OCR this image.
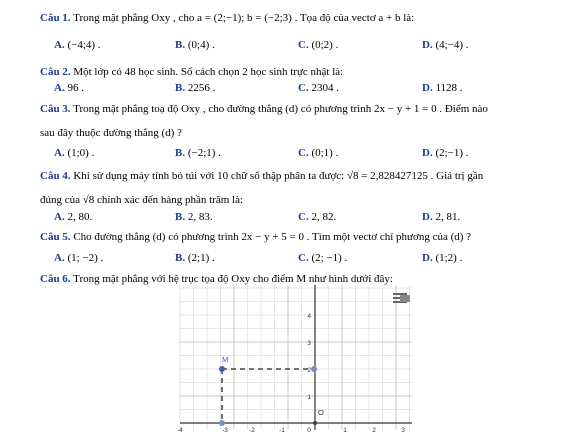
Câu 1. Trong mặt phẳng Oxy , cho a = (2;−1); b = (−2;3) . Tọa độ của vectơ a + b là:
A. (−4;4) .	B. (0;4) .	C. (0;2) .	D. (4;−4) .
Câu 2. Một lớp có 48 học sinh. Số cách chọn 2 học sinh trực nhật là:
A. 96 .	B. 2256 .	C. 2304 .	D. 1128 .
Câu 3. Trong mặt phẳng toạ độ Oxy , cho đường thẳng (d) có phương trình 2x − y + 1 = 0 . Điểm nào
sau đây thuộc đường thẳng (d) ?
A. (1;0) .	B. (−2;1) .	C. (0;1) .	D. (2;−1) .
Câu 4. Khi sử dụng máy tính bỏ túi với 10 chữ số thập phân ta được: √8 = 2,828427125 . Giá trị gần
đúng của √8 chính xác đến hàng phần trăm là:
A. 2, 80.	B. 2, 83.	C. 2, 82.	D. 2, 81.
Câu 5. Cho đường thẳng (d) có phương trình 2x − y + 5 = 0 . Tìm một vectơ chỉ phương của (d) ?
A. (1; −2) .	B. (2;1) .	C. (2; −1) .	D. (1;2) .
Câu 6. Trong mặt phẳng với hệ trục tọa độ Oxy cho điểm M như hình dưới đây:
4
3
2
1
-4	-3	-2	-1	0	1	2	3
M
O
